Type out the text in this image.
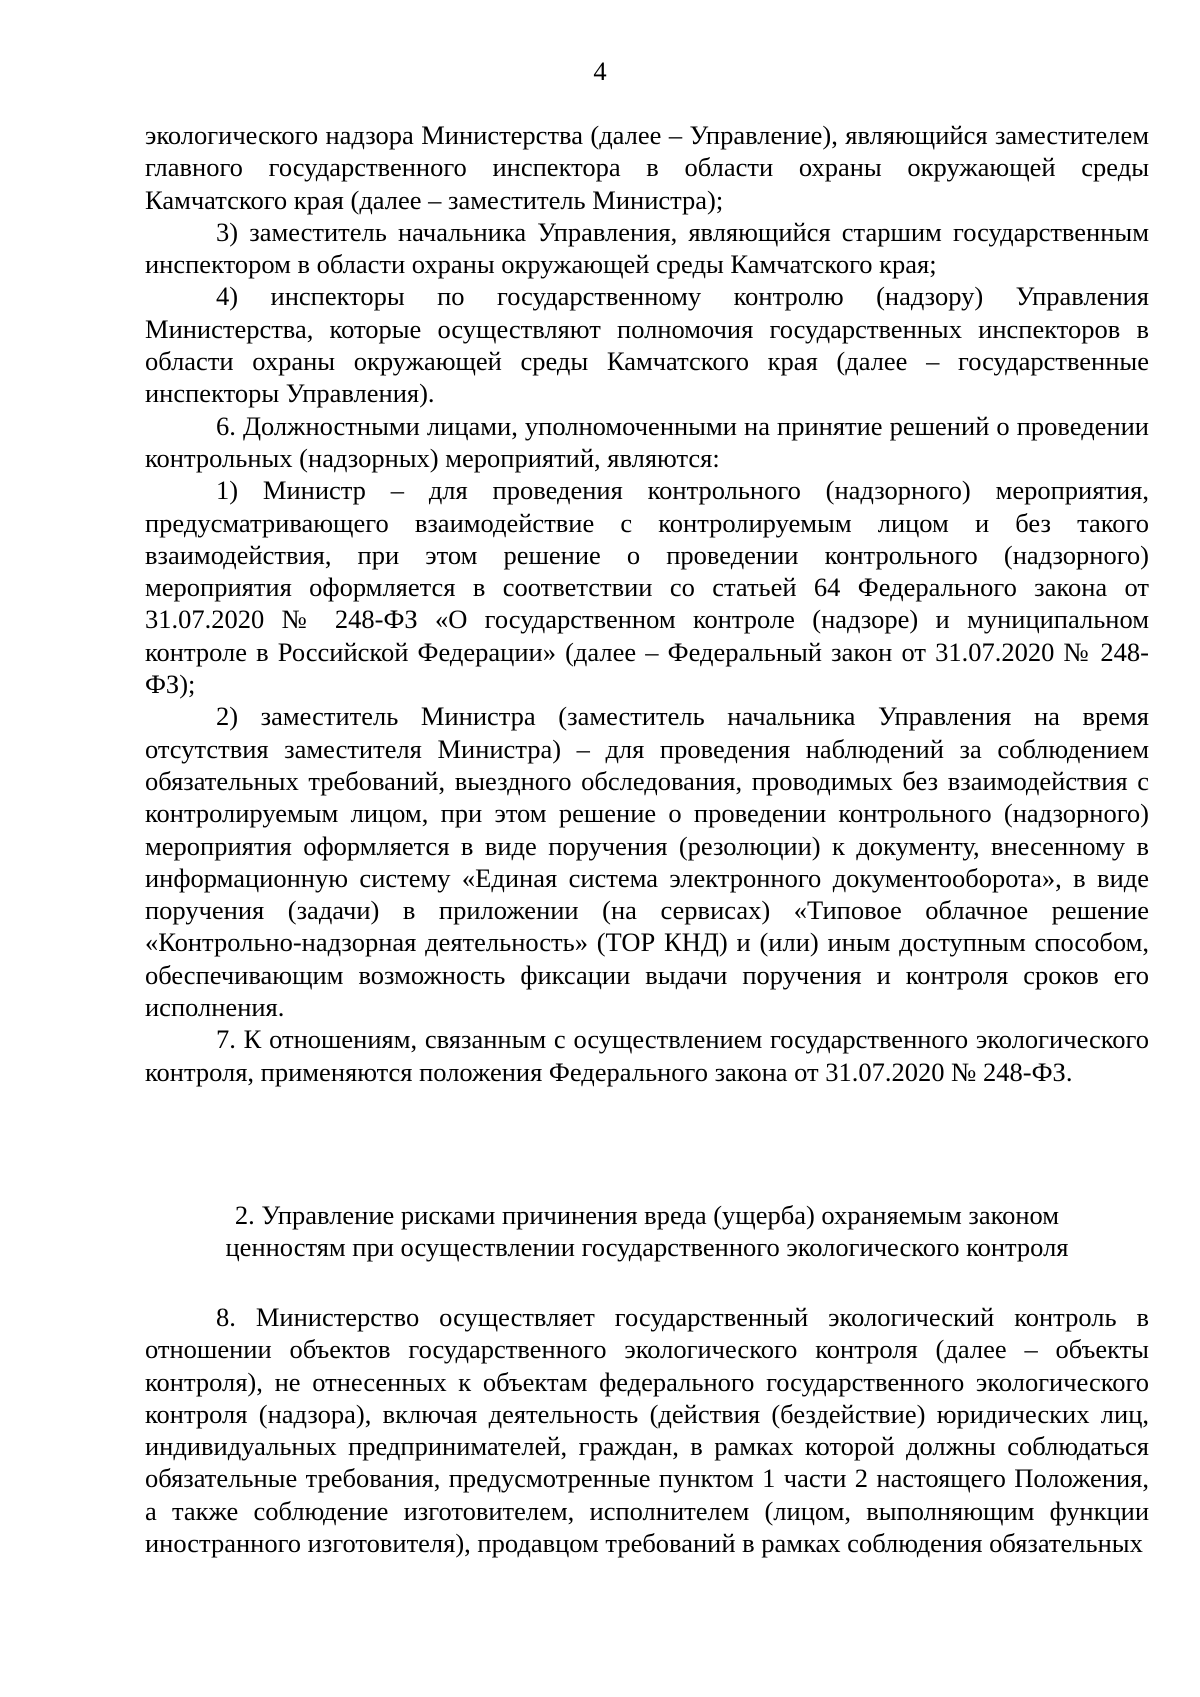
4

экологического надзора Министерства (далее – Управление), являющийся заместителем главного государственного инспектора в области охраны окружающей среды Камчатского края (далее – заместитель Министра);

3) заместитель начальника Управления, являющийся старшим государственным инспектором в области охраны окружающей среды Камчатского края;

4) инспекторы по государственному контролю (надзору) Управления Министерства, которые осуществляют полномочия государственных инспекторов в области охраны окружающей среды Камчатского края (далее – государственные инспекторы Управления).

6. Должностными лицами, уполномоченными на принятие решений о проведении контрольных (надзорных) мероприятий, являются:

1) Министр – для проведения контрольного (надзорного) мероприятия, предусматривающего взаимодействие с контролируемым лицом и без такого взаимодействия, при этом решение о проведении контрольного (надзорного) мероприятия оформляется в соответствии со статьей 64 Федерального закона от 31.07.2020 № 248-ФЗ «О государственном контроле (надзоре) и муниципальном контроле в Российской Федерации» (далее – Федеральный закон от 31.07.2020 № 248-ФЗ);

2) заместитель Министра (заместитель начальника Управления на время отсутствия заместителя Министра) – для проведения наблюдений за соблюдением обязательных требований, выездного обследования, проводимых без взаимодействия с контролируемым лицом, при этом решение о проведении контрольного (надзорного) мероприятия оформляется в виде поручения (резолюции) к документу, внесенному в информационную систему «Единая система электронного документооборота», в виде поручения (задачи) в приложении (на сервисах) «Типовое облачное решение «Контрольно-надзорная деятельность» (ТОР КНД) и (или) иным доступным способом, обеспечивающим возможность фиксации выдачи поручения и контроля сроков его исполнения.

7. К отношениям, связанным с осуществлением государственного экологического контроля, применяются положения Федерального закона от 31.07.2020 № 248-ФЗ.

2. Управление рисками причинения вреда (ущерба) охраняемым законом
ценностям при осуществлении государственного экологического контроля

8. Министерство осуществляет государственный экологический контроль в отношении объектов государственного экологического контроля (далее – объекты контроля), не отнесенных к объектам федерального государственного экологического контроля (надзора), включая деятельность (действия (бездействие) юридических лиц, индивидуальных предпринимателей, граждан, в рамках которой должны соблюдаться обязательные требования, предусмотренные пунктом 1 части 2 настоящего Положения, а также соблюдение изготовителем, исполнителем (лицом, выполняющим функции иностранного изготовителя), продавцом требований в рамках соблюдения обязательных
